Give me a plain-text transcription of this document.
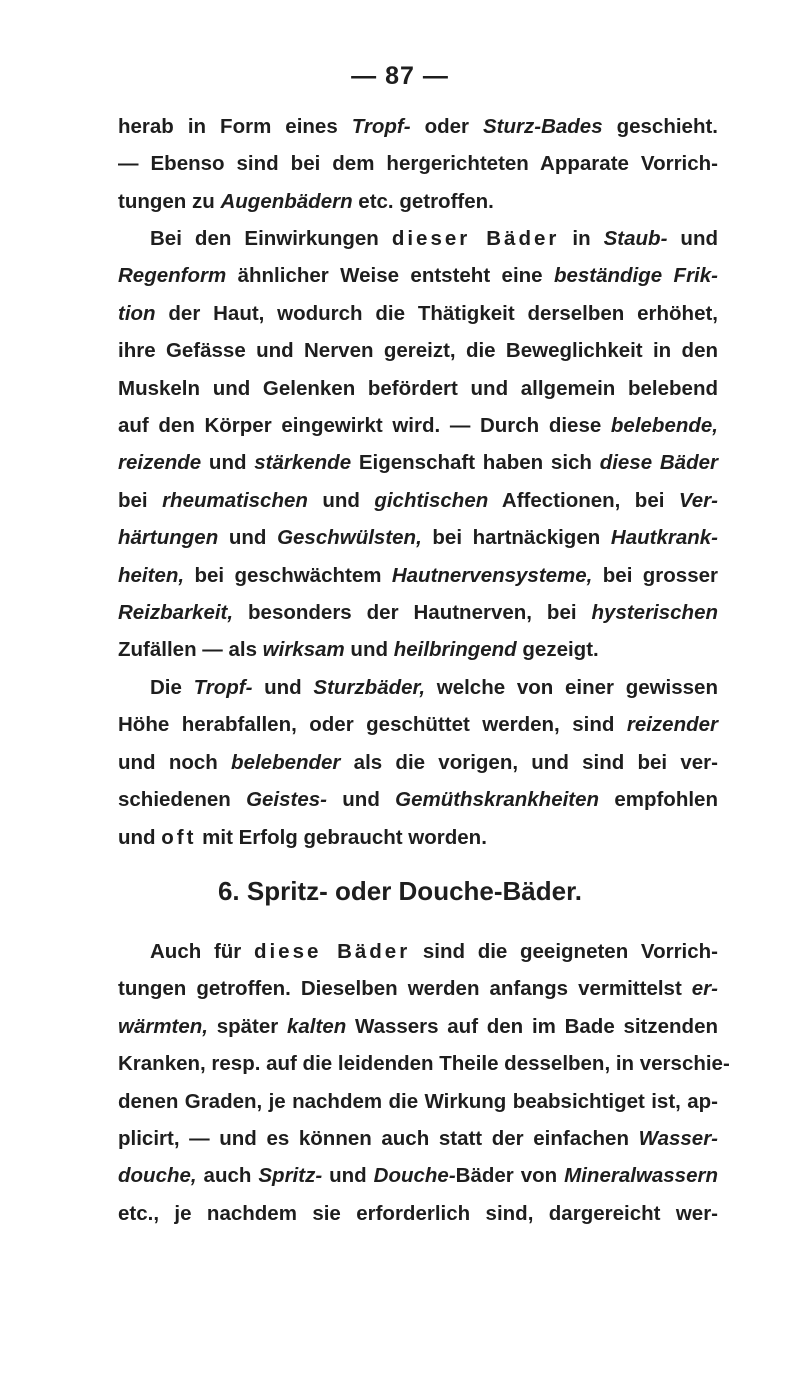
— 87 —
herab in Form eines Tropf- oder Sturz-Bades geschieht.
— Ebenso sind bei dem hergerichteten Apparate Vorrich-
tungen zu Augenbädern etc. getroffen.
Bei den Einwirkungen dieser Bäder in Staub- und
Regenform ähnlicher Weise entsteht eine beständige Frik-
tion der Haut, wodurch die Thätigkeit derselben erhöhet,
ihre Gefässe und Nerven gereizt, die Beweglichkeit in den
Muskeln und Gelenken befördert und allgemein belebend
auf den Körper eingewirkt wird. — Durch diese belebende,
reizende und stärkende Eigenschaft haben sich diese Bäder
bei rheumatischen und gichtischen Affectionen, bei Ver-
härtungen und Geschwülsten, bei hartnäckigen Hautkrank-
heiten, bei geschwächtem Hautnervensysteme, bei grosser
Reizbarkeit, besonders der Hautnerven, bei hysterischen
Zufällen — als wirksam und heilbringend gezeigt.
Die Tropf- und Sturzbäder, welche von einer gewissen
Höhe herabfallen, oder geschüttet werden, sind reizender
und noch belebender als die vorigen, und sind bei ver-
schiedenen Geistes- und Gemüthskrankheiten empfohlen
und oft mit Erfolg gebraucht worden.
6. Spritz- oder Douche-Bäder.
Auch für diese Bäder sind die geeigneten Vorrich-
tungen getroffen. Dieselben werden anfangs vermittelst er-
wärmten, später kalten Wassers auf den im Bade sitzenden
Kranken, resp. auf die leidenden Theile desselben, in verschie-
denen Graden, je nachdem die Wirkung beabsichtiget ist, ap-
plicirt, — und es können auch statt der einfachen Wasser-
douche, auch Spritz- und Douche-Bäder von Mineralwassern
etc., je nachdem sie erforderlich sind, dargereicht wer-
